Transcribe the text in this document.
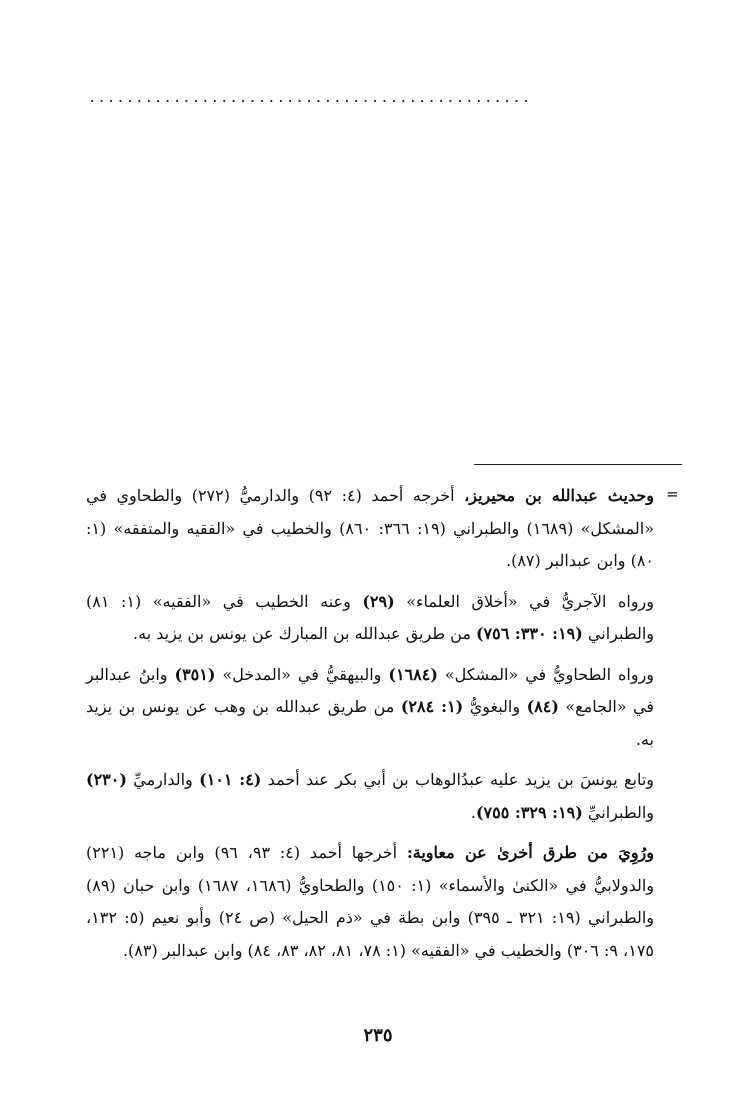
...............................................
=

وحديث عبدالله بن محيريز، أخرجه أحمد (٤: ٩٢) والدارميُّ (٢٧٢) والطحاوي في «المشكل» (١٦٨٩) والطبراني (١٩: ٣٦٦: ٨٦٠) والخطيب في «الفقيه والمتفقه» (١: ٨٠) وابن عبدالبر (٨٧).

ورواه الآجريُّ في «أخلاق العلماء» (٢٩) وعنه الخطيب في «الفقيه» (١: ٨١) والطبراني (١٩: ٣٣٠: ٧٥٦) من طريق عبدالله بن المبارك عن يونس بن يزيد به.

ورواه الطحاويُّ في «المشكل» (١٦٨٤) والبيهقيُّ في «المدخل» (٣٥١) وابنُ عبدالبر في «الجامع» (٨٤) والبغويُّ (١: ٢٨٤) من طريق عبدالله بن وهب عن يونس بن يزيد به.

وتابع يونسَ بن يزيد عليه عبدُالوهاب بن أبي بكر عند أحمد (٤: ١٠١) والدارميِّ (٢٣٠) والطبرانيِّ (١٩: ٣٢٩: ٧٥٥).

ورُوِيَ من طرق أخرىٰ عن معاوية: أخرجها أحمد (٤: ٩٣، ٩٦) وابن ماجه (٢٢١) والدولابيُّ في «الكنىٰ والأسماء» (١: ١٥٠) والطحاويُّ (١٦٨٦، ١٦٨٧) وابن حبان (٨٩) والطبراني (١٩: ٣٢١ ـ ٣٩٥) وابن بطة في «ذم الحيل» (ص ٢٤) وأبو نعيم (٥: ١٣٢، ١٧٥، ٩: ٣٠٦) والخطيب في «الفقيه» (١: ٧٨، ٨١، ٨٢، ٨٣، ٨٤) وابن عبدالبر (٨٣).

٢٣٥
